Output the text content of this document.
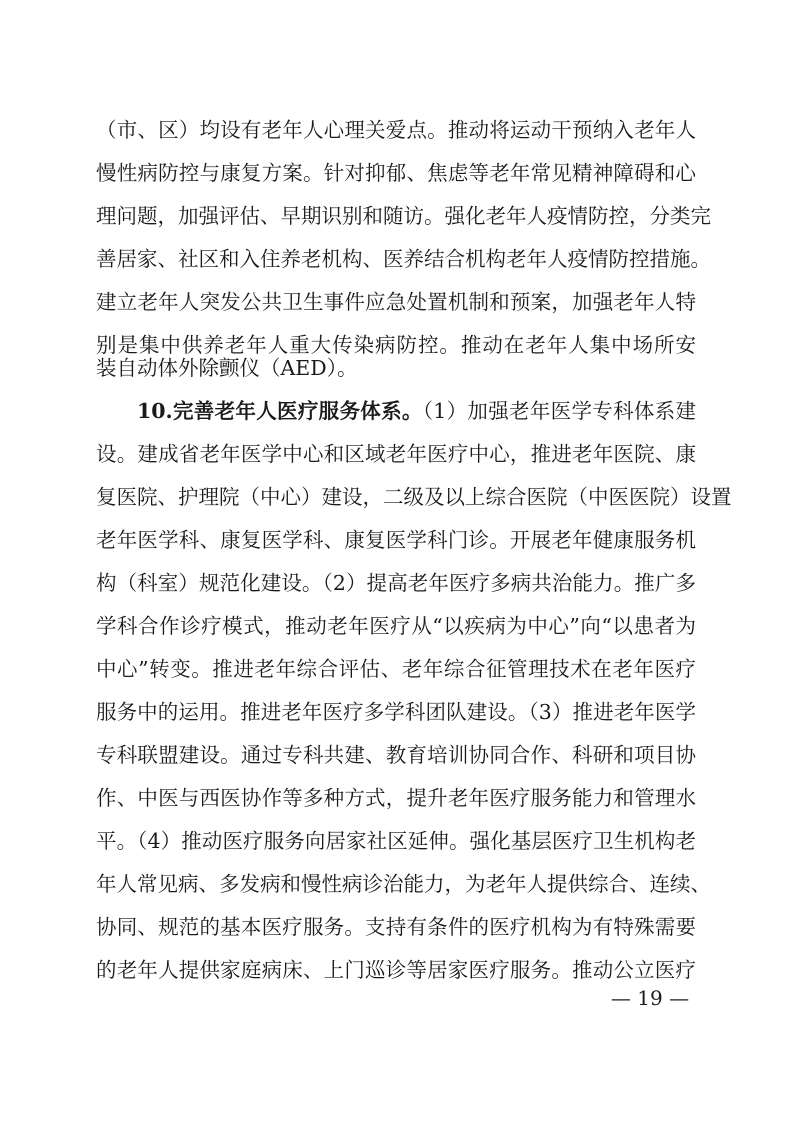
（市、区）均设有老年人心理关爱点。推动将运动干预纳入老年人
慢性病防控与康复方案。针对抑郁、焦虑等老年常见精神障碍和心
理问题，加强评估、早期识别和随访。强化老年人疫情防控，分类完
善居家、社区和入住养老机构、医养结合机构老年人疫情防控措施。
建立老年人突发公共卫生事件应急处置机制和预案，加强老年人特
别是集中供养老年人重大传染病防控。推动在老年人集中场所安
装自动体外除颤仪（AED）。
10.完善老年人医疗服务体系。（1）加强老年医学专科体系建
设。建成省老年医学中心和区域老年医疗中心，推进老年医院、康
复医院、护理院（中心）建设，二级及以上综合医院（中医医院）设置
老年医学科、康复医学科、康复医学科门诊。开展老年健康服务机
构（科室）规范化建设。（2）提高老年医疗多病共治能力。推广多
学科合作诊疗模式，推动老年医疗从“以疾病为中心”向“以患者为
中心”转变。推进老年综合评估、老年综合征管理技术在老年医疗
服务中的运用。推进老年医疗多学科团队建设。（3）推进老年医学
专科联盟建设。通过专科共建、教育培训协同合作、科研和项目协
作、中医与西医协作等多种方式，提升老年医疗服务能力和管理水
平。（4）推动医疗服务向居家社区延伸。强化基层医疗卫生机构老
年人常见病、多发病和慢性病诊治能力，为老年人提供综合、连续、
协同、规范的基本医疗服务。支持有条件的医疗机构为有特殊需要
的老年人提供家庭病床、上门巡诊等居家医疗服务。推动公立医疗
— 19 —
